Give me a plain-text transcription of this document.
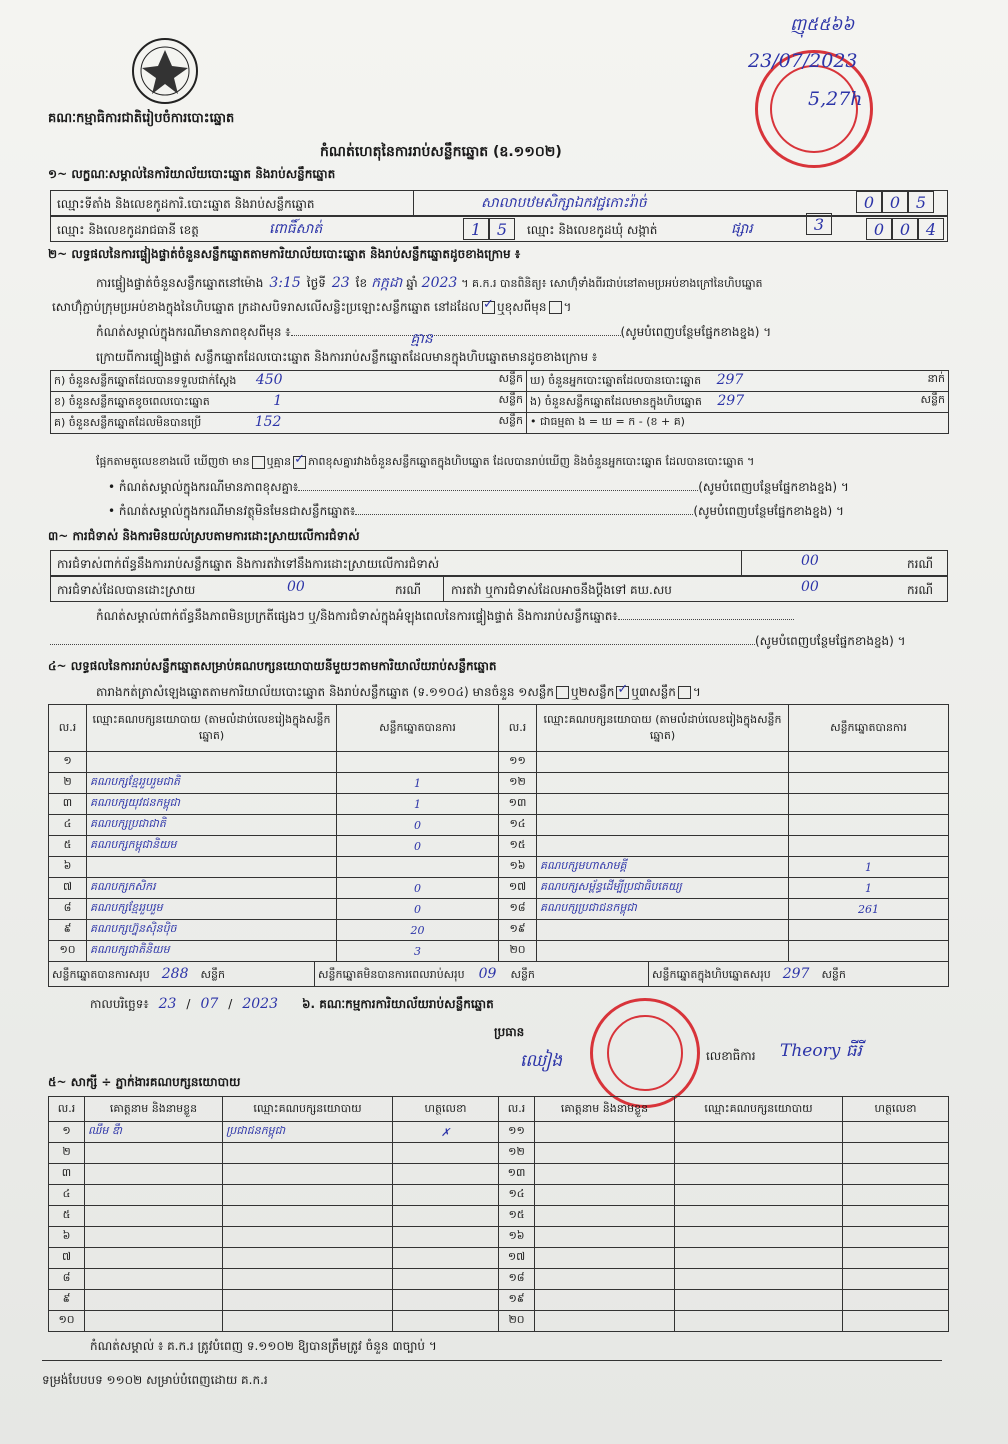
គណៈកម្មាធិការជាតិរៀបចំការបោះឆ្នោត
កំណត់ហេតុនៃការរាប់សន្លឹកឆ្នោត (ឧ.១១០២)
ញុ៥៥៦៦
23/07/2023
5,27h
១~ លក្ខណៈសម្គាល់នៃការិយាល័យបោះឆ្នោត និងរាប់សន្លឹកឆ្នោត
ឈ្មោះទីតាំង និងលេខកូដការិ.បោះឆ្នោត និងរាប់សន្លឹកឆ្នោត	សាលាបឋមសិក្សាឯកវជ្ជកោះរ៉ាច់	0 0 53
ឈ្មោះ និងលេខកូដរាជធានី ខេត្ត	ពោធិ៍សាត់	1 5	ឈ្មោះ និងលេខកូដឃុំ សង្កាត់	ផ្សារ	0 0 4
២~ លទ្ធផលនៃការផ្ទៀងផ្ទាត់ចំនួនសន្លឹកឆ្នោតតាមការិយាល័យបោះឆ្នោត និងរាប់សន្លឹកឆ្នោតដូចខាងក្រោម ៖
ការផ្ទៀងផ្ទាត់ចំនួនសន្លឹកឆ្នោតនៅម៉ោង 3:15 ថ្ងៃទី 23 ខែ កក្កដា ឆ្នាំ 2023 ។ គ.ក.រ បានពិនិត្យ៖ សោហ៊ុំទាំងពីរជាប់នៅតាមប្រអប់ខាងក្រៅនៃហិបឆ្នោត
សោហ៊ុំភ្ជាប់ក្រុមប្រអប់ខាងក្នុងនៃហិបឆ្នោត ក្រដាសបិទរាសលើសន្លិះប្រឡោះសន្លឹកឆ្នោត នៅដដែល ✓ ឬខុសពីមុន ។
កំណត់សម្គាល់ក្នុងករណីមានភាពខុសពីមុន ៖	គ្មាន	(សូមបំពេញបន្ថែមផ្នែកខាងខ្នង) ។
ក្រោយពីការផ្ទៀងផ្ទាត់ សន្លឹកឆ្នោតដែលបោះឆ្នោត និងការរាប់សន្លឹកឆ្នោតដែលមានក្នុងហិបឆ្នោតមានដូចខាងក្រោម ៖
ក) ចំនួនសន្លឹកឆ្នោតដែលបានទទួលជាក់ស្តែង 450 សន្លឹក	ឃ) ចំនួនអ្នកបោះឆ្នោតដែលបានបោះឆ្នោត 297 នាក់

ខ) ចំនួនសន្លឹកឆ្នោតខូចពេលបោះឆ្នោត 1 សន្លឹក	ង) ចំនួនសន្លឹកឆ្នោតដែលមានក្នុងហិបឆ្នោត 297 សន្លឹក

គ) ចំនួនសន្លឹកឆ្នោតដែលមិនបានប្រើ 152 សន្លឹក	• ជាធម្មតា ង = ឃ = ក - (ខ + គ)
ផ្អែកតាមតួលេខខាងលើ ឃើញថា មាន ឬគ្មាន ✓ ភាពខុសគ្នារវាងចំនួនសន្លឹកឆ្នោតក្នុងហិបឆ្នោត ដែលបានរាប់ឃើញ និងចំនួនអ្នកបោះឆ្នោត ដែលបានបោះឆ្នោត ។
• កំណត់សម្គាល់ក្នុងករណីមានភាពខុសគ្នា៖	(សូមបំពេញបន្ថែមផ្នែកខាងខ្នង) ។
• កំណត់សម្គាល់ក្នុងករណីមានវត្ថុមិនមែនជាសន្លឹកឆ្នោត៖	(សូមបំពេញបន្ថែមផ្នែកខាងខ្នង) ។
៣~ ការជំទាស់ និងការមិនយល់ស្របតាមការដោះស្រាយលើការជំទាស់
ការជំទាស់ពាក់ព័ន្ធនឹងការរាប់សន្លឹកឆ្នោត និងការតវ៉ាទៅនឹងការដោះស្រាយលើការជំទាស់	00	ករណី
ការជំទាស់ដែលបានដោះស្រាយ	00	ករណី ការតវ៉ា ឬការជំទាស់ដែលអាចនឹងប្តឹងទៅ គឃ.សប	00	ករណី
កំណត់សម្គាល់ពាក់ព័ន្ធនឹងភាពមិនប្រក្រតីផ្សេងៗ ឬ/និងការជំទាស់ក្នុងអំឡុងពេលនៃការផ្ទៀងផ្ទាត់ និងការរាប់សន្លឹកឆ្នោត៖
(សូមបំពេញបន្ថែមផ្នែកខាងខ្នង) ។
៤~ លទ្ធផលនៃការរាប់សន្លឹកឆ្នោតសម្រាប់គណបក្សនយោបាយនីមួយៗតាមការិយាល័យរាប់សន្លឹកឆ្នោត
តារាងកត់ត្រាសំឡេងឆ្នោតតាមការិយាល័យបោះឆ្នោត និងរាប់សន្លឹកឆ្នោត (ទ.១១០៤) មានចំនួន ១សន្លឹក ឬ២សន្លឹក ✓ ឬ៣សន្លឹក ។
ល.រ	ឈ្មោះគណបក្សនយោបាយ (តាមលំដាប់លេខរៀងក្នុងសន្លឹកឆ្នោត)	សន្លឹកឆ្នោតបានការ	ល.រ	ឈ្មោះគណបក្សនយោបាយ (តាមលំដាប់លេខរៀងក្នុងសន្លឹកឆ្នោត)	សន្លឹកឆ្នោតបានការ
១			១១		
២	គណបក្សខ្មែររួបរួមជាតិ	1	១២		
៣	គណបក្សយុវជនកម្ពុជា	1	១៣		
៤	គណបក្សប្រជាជាតិ	0	១៤		
៥	គណបក្សកម្ពុជានិយម	0	១៥		
៦			១៦	គណបក្សមហាសាមគ្គី	1
៧	គណបក្សកសិករ	0	១៧	គណបក្សសម្ព័ន្ធដើម្បីប្រជាធិបតេយ្យ	1
៨	គណបក្សខ្មែររួបរួម	0	១៨	គណបក្សប្រជាជនកម្ពុជា	261
៩	គណបក្សហ្វ៊ុនស៊ិនប៉ិច	20	១៩		
១០	គណបក្សជាតិនិយម	3	២០		

សន្លឹកឆ្នោតបានការសរុប 288 សន្លឹក សន្លឹកឆ្នោតមិនបានការពេលរាប់សរុប 09 សន្លឹក សន្លឹកឆ្នោតក្នុងហិបឆ្នោតសរុប 297 សន្លឹក					
កាលបរិច្ឆេទ៖ 23 / 07 / 2023 ៦. គណៈកម្មការការិយាល័យរាប់សន្លឹកឆ្នោត
ប្រធាន
ឈៀង	លេខាធិការ Theory ធីរី
៥~ សាក្សី ÷ ភ្នាក់ងារគណបក្សនយោបាយ
ល.រ	គោត្តនាម និងនាមខ្លួន	ឈ្មោះគណបក្សនយោបាយ	ហត្ថលេខា	ល.រ	គោត្តនាម និងនាមខ្លួន	ឈ្មោះគណបក្សនយោបាយ	ហត្ថលេខា
១	ឈឹម ឌឹា	ប្រជាជនកម្ពុជា	✗	១១			
២				១២			
៣				១៣			
៤				១៤			
៥				១៥			
៦				១៦			
៧				១៧			
៨				១៨			
៩				១៩			
១០				២០			
កំណត់សម្គាល់ ៖ គ.ក.រ ត្រូវបំពេញ ទ.១១០២ ឱ្យបានត្រឹមត្រូវ ចំនួន ៣ច្បាប់ ។
ទម្រង់បែបបទ ១១០២ សម្រាប់បំពេញដោយ គ.ក.រ
